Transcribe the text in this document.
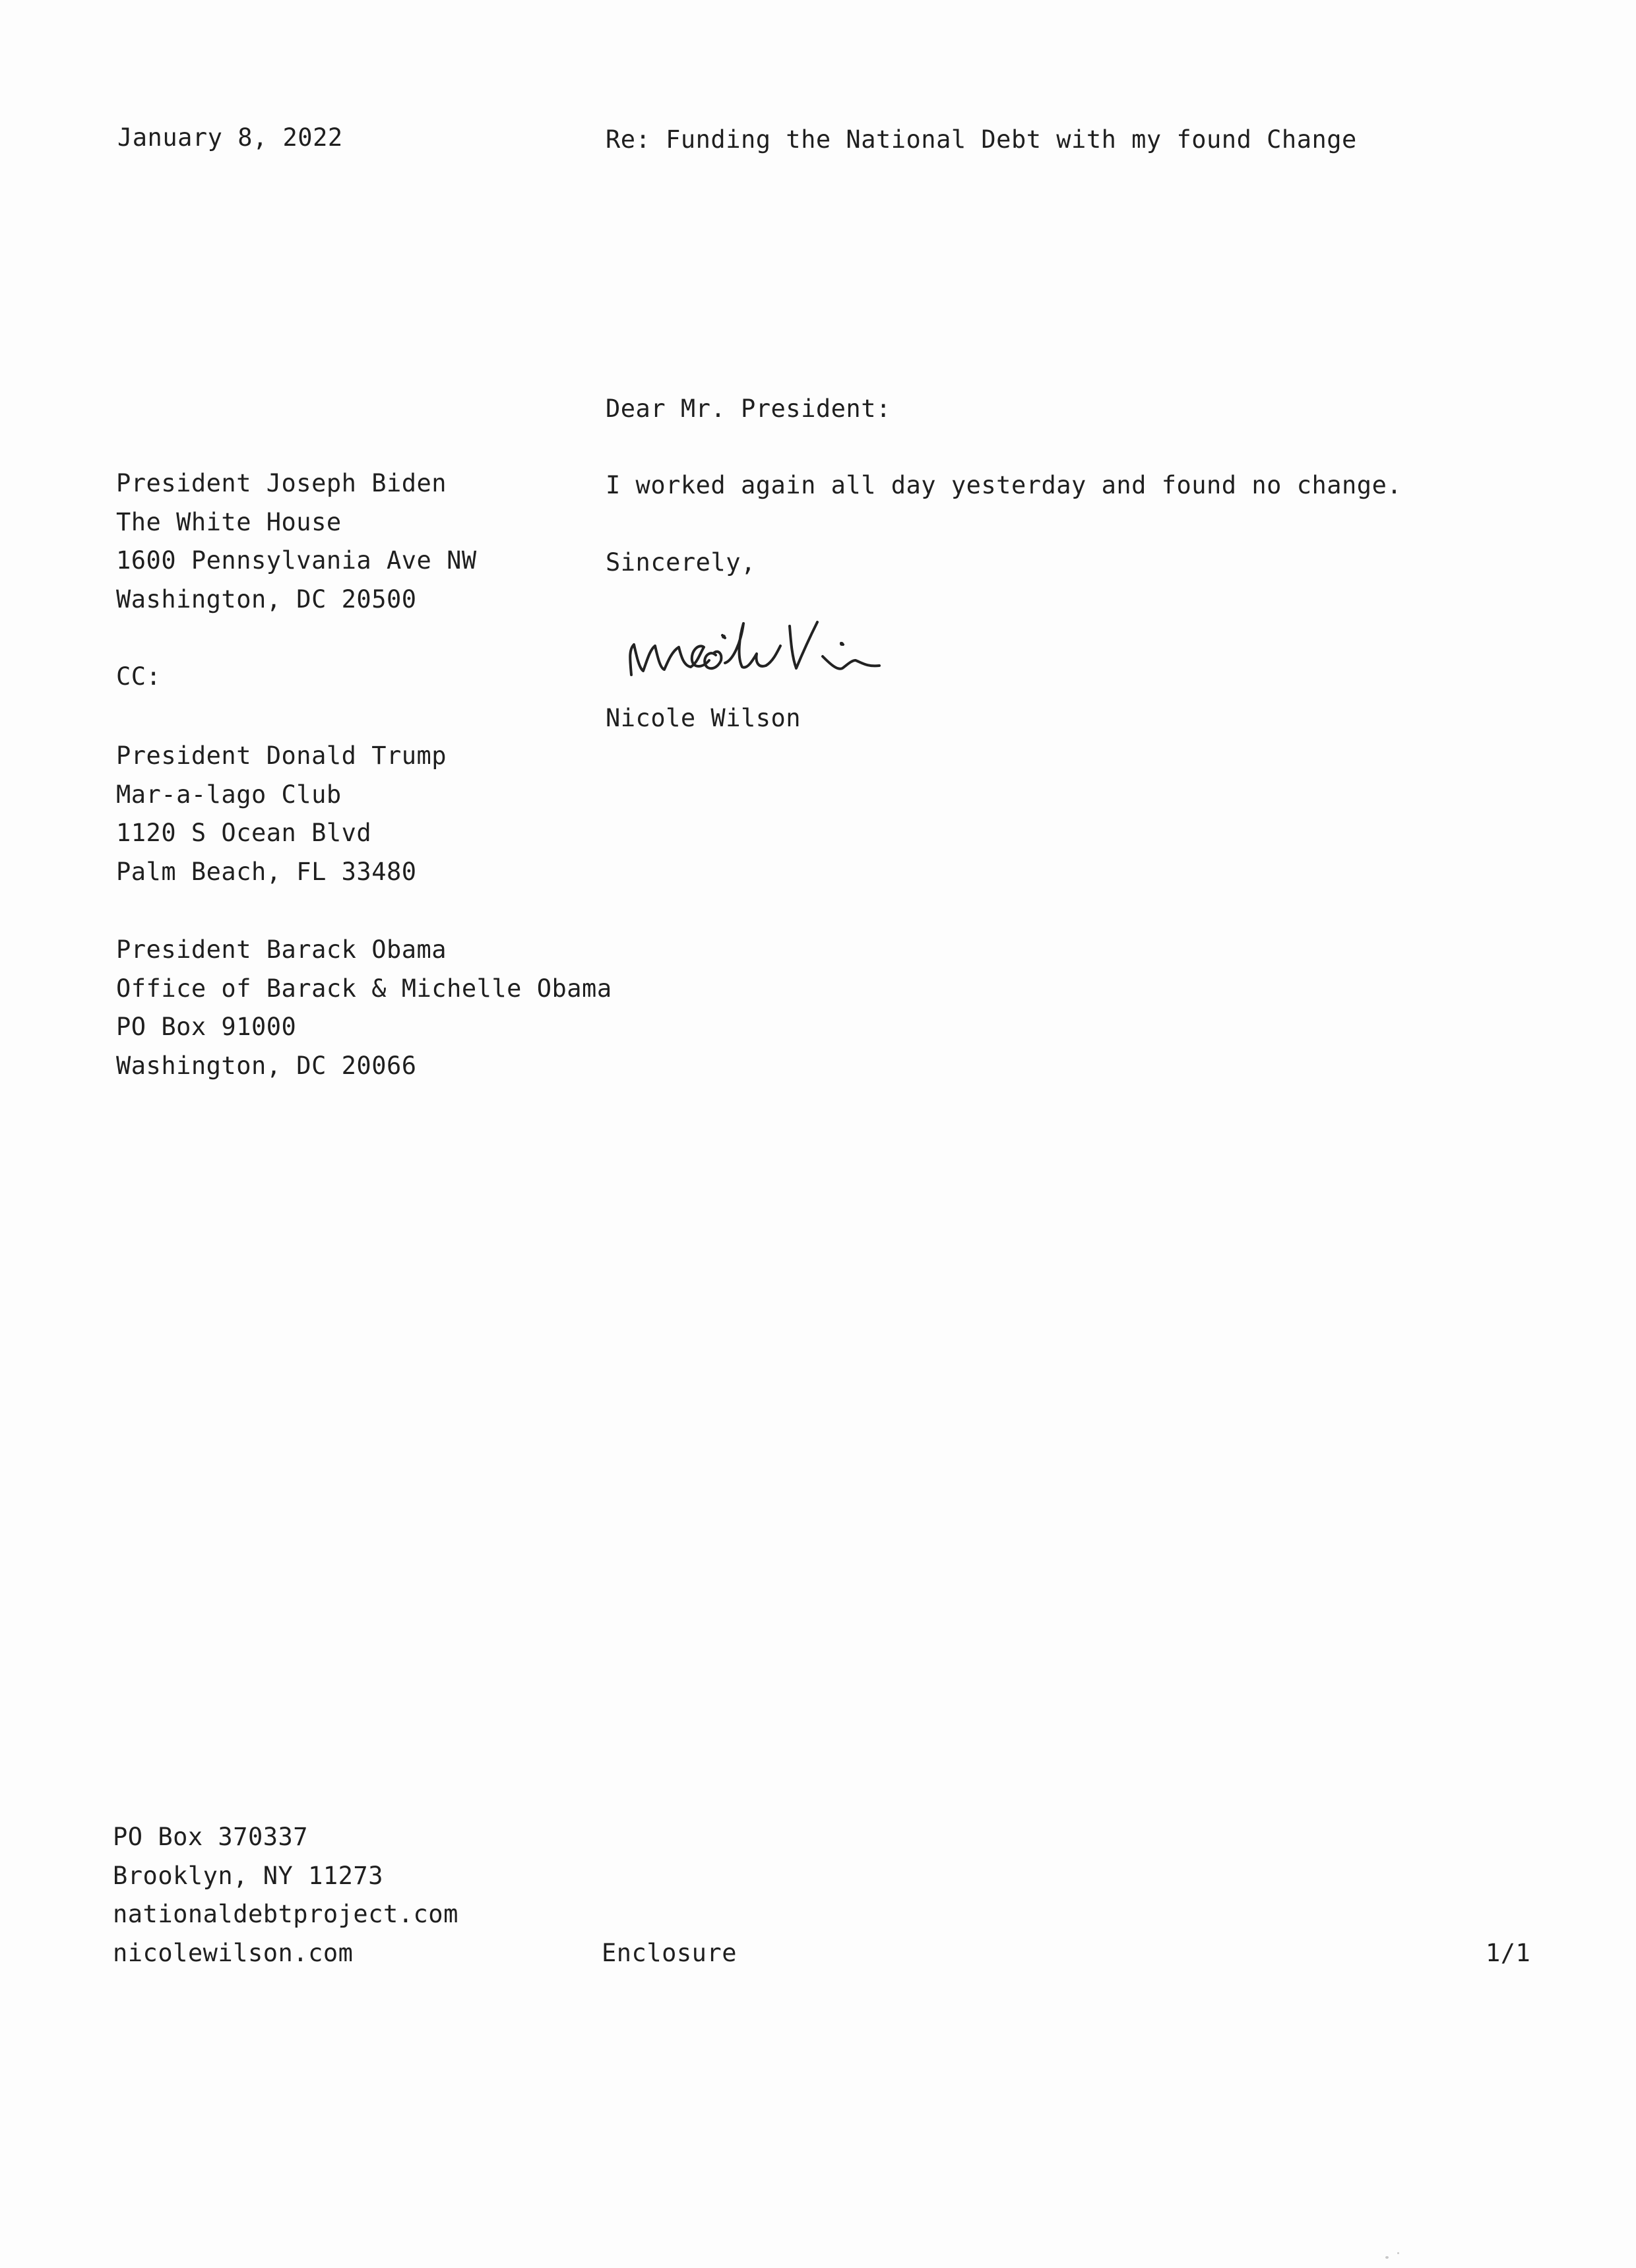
January 8, 2022	Re: Funding the National Debt with my found Change
Dear Mr. President:
I worked again all day yesterday and found no change.
Sincerely,
Nicole Wilson
President Joseph Biden
The White House
1600 Pennsylvania Ave NW
Washington, DC 20500
CC:
President Donald Trump
Mar-a-lago Club
1120 S Ocean Blvd
Palm Beach, FL 33480
President Barack Obama
Office of Barack & Michelle Obama
PO Box 91000
Washington, DC 20066
PO Box 370337
Brooklyn, NY 11273
nationaldebtproject.com
nicolewilson.com	Enclosure	1/1
